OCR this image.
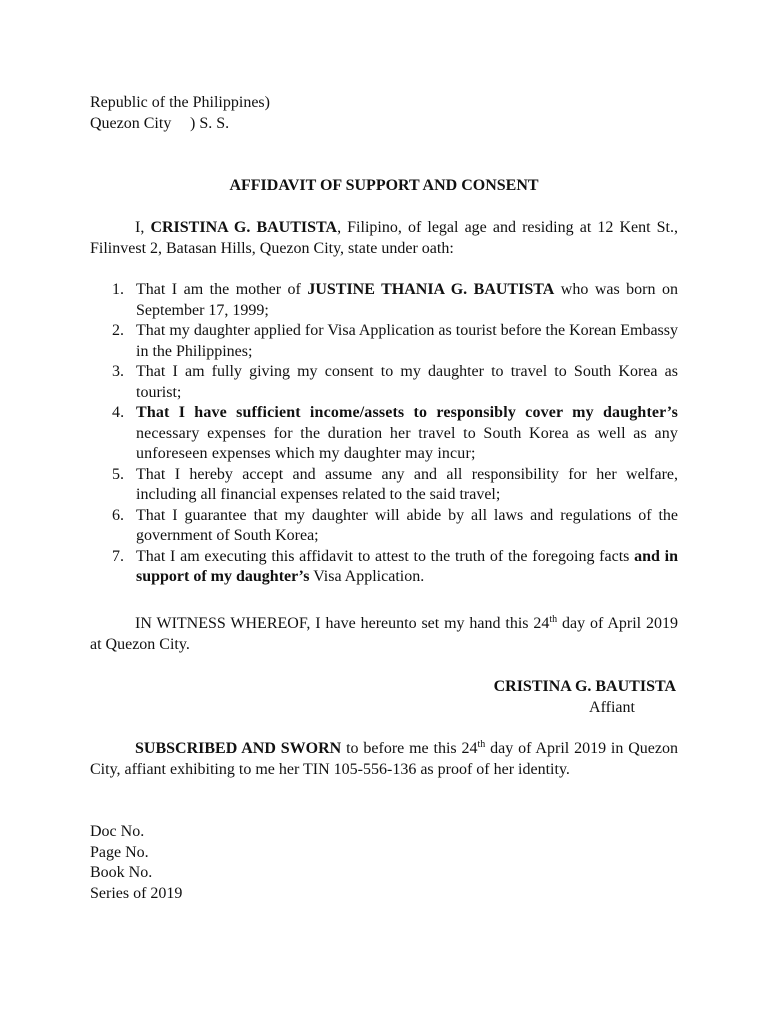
Republic of the Philippines)

Quezon City ) S. S.

AFFIDAVIT OF SUPPORT AND CONSENT

I, CRISTINA G. BAUTISTA, Filipino, of legal age and residing at 12 Kent St., Filinvest 2, Batasan Hills, Quezon City, state under oath:
1. That I am the mother of JUSTINE THANIA G. BAUTISTA who was born on September 17, 1999;
2. That my daughter applied for Visa Application as tourist before the Korean Embassy in the Philippines;
3. That I am fully giving my consent to my daughter to travel to South Korea as tourist;
4. That I have sufficient income/assets to responsibly cover my daughter’s necessary expenses for the duration her travel to South Korea as well as any unforeseen expenses which my daughter may incur;
5. That I hereby accept and assume any and all responsibility for her welfare, including all financial expenses related to the said travel;
6. That I guarantee that my daughter will abide by all laws and regulations of the government of South Korea;
7. That I am executing this affidavit to attest to the truth of the foregoing facts and in support of my daughter’s Visa Application.
IN WITNESS WHEREOF, I have hereunto set my hand this 24th day of April 2019 at Quezon City.

CRISTINA G. BAUTISTA

Affiant

SUBSCRIBED AND SWORN to before me this 24th day of April 2019 in Quezon City, affiant exhibiting to me her TIN 105-556-136 as proof of her identity.

Doc No.

Page No.

Book No.

Series of 2019
